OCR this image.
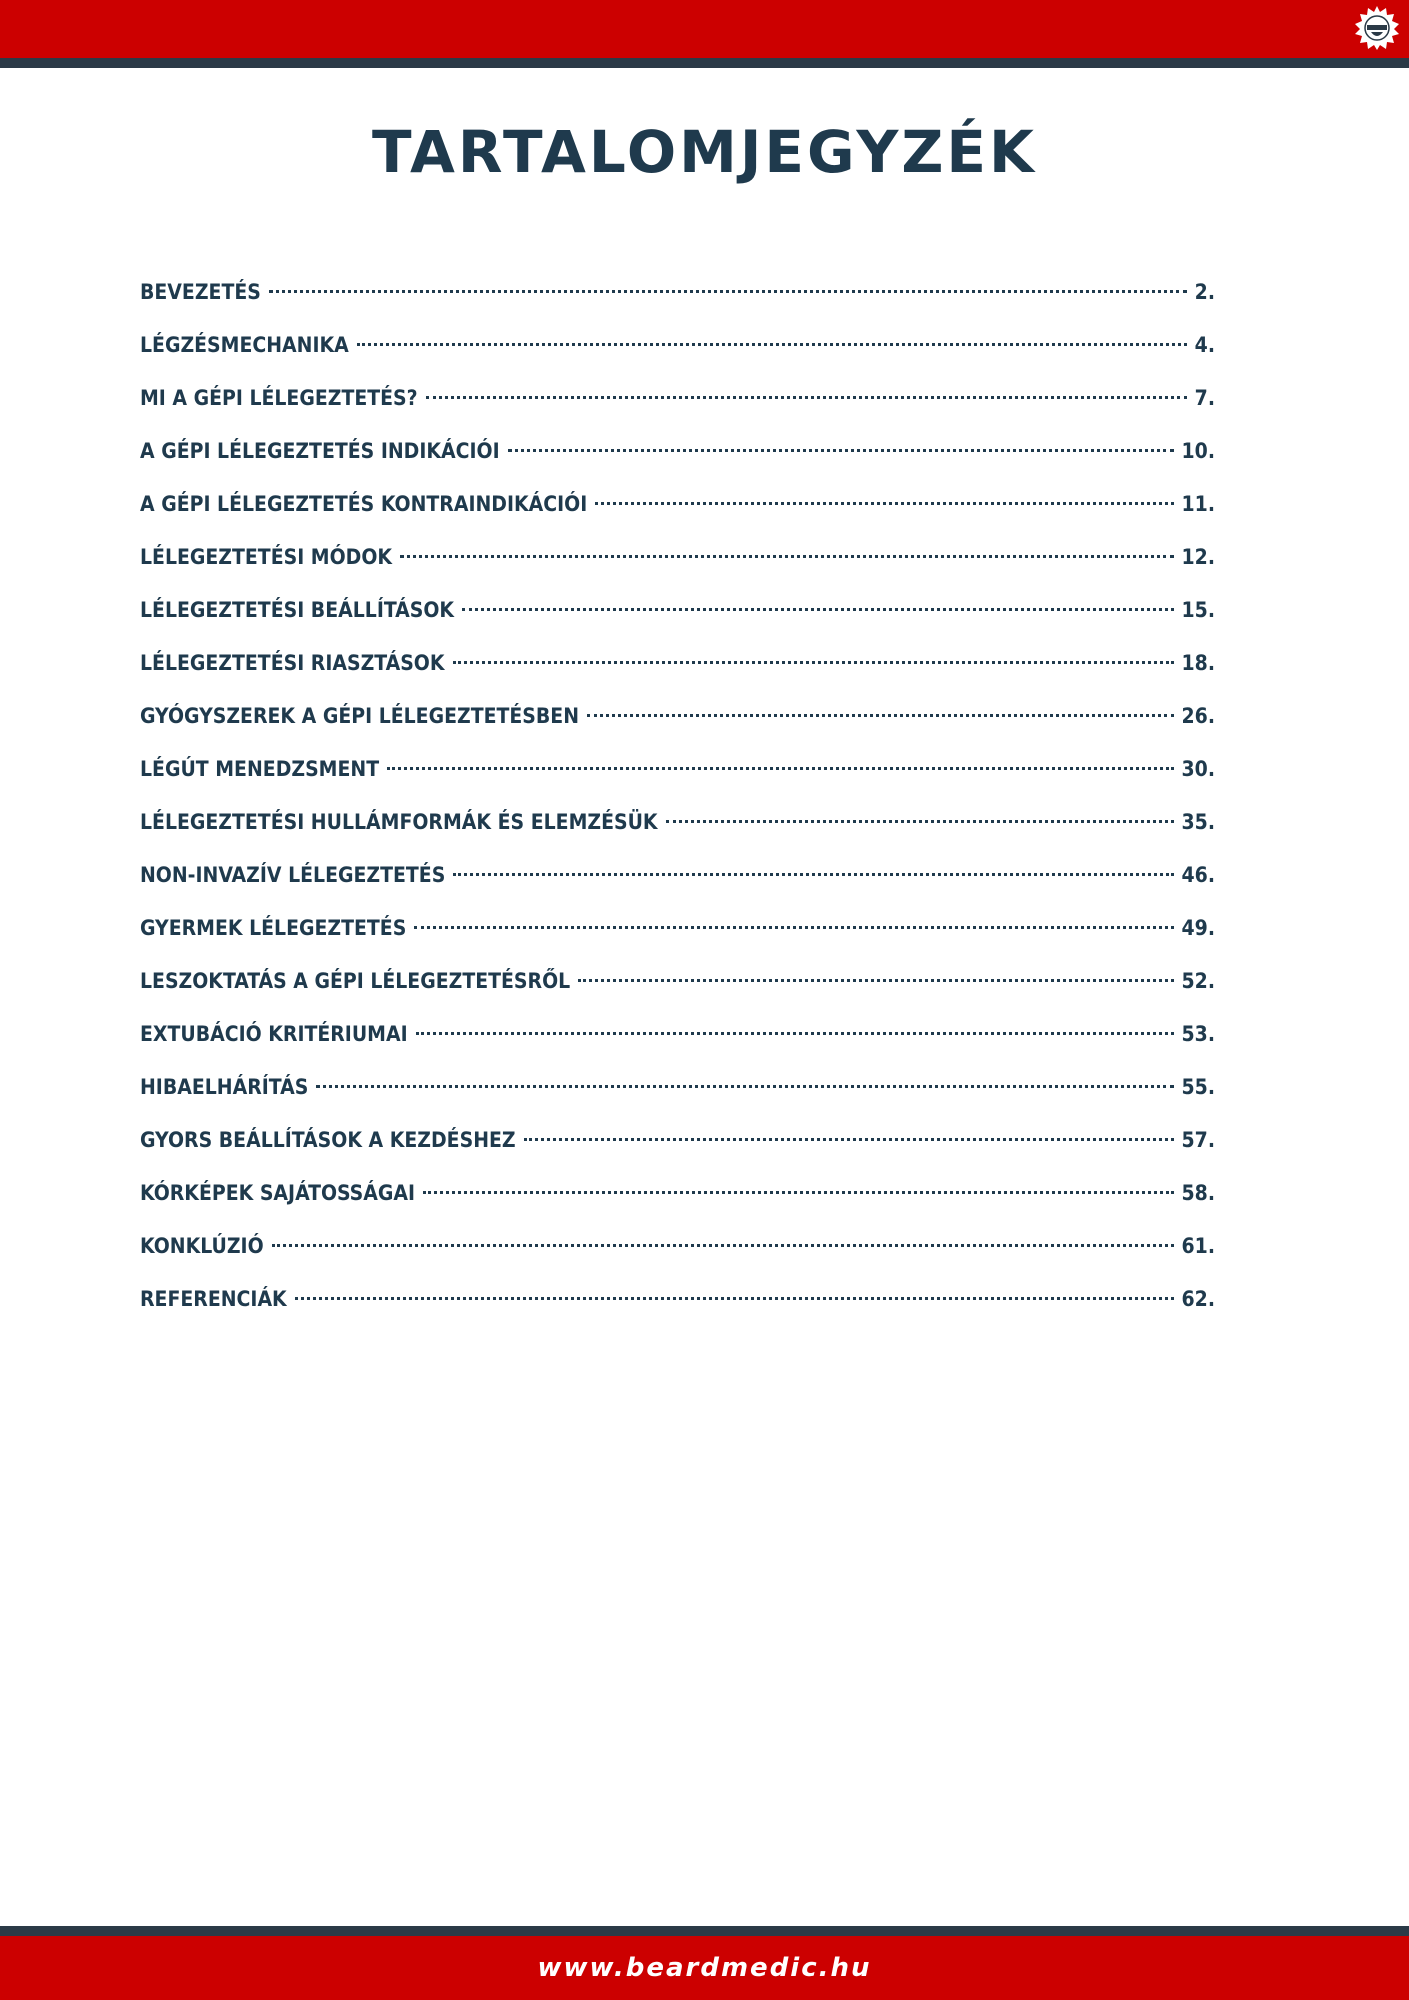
TARTALOMJEGYZÉK
BEVEZETÉS	2.
LÉGZÉSMECHANIKA	4.
MI A GÉPI LÉLEGEZTETÉS?	7.
A GÉPI LÉLEGEZTETÉS INDIKÁCIÓI	10.
A GÉPI LÉLEGEZTETÉS KONTRAINDIKÁCIÓI	11.
LÉLEGEZTETÉSI MÓDOK	12.
LÉLEGEZTETÉSI BEÁLLÍTÁSOK	15.
LÉLEGEZTETÉSI RIASZTÁSOK	18.
GYÓGYSZEREK A GÉPI LÉLEGEZTETÉSBEN	26.
LÉGÚT MENEDZSMENT	30.
LÉLEGEZTETÉSI HULLÁMFORMÁK ÉS ELEMZÉSÜK	35.
NON-INVAZÍV LÉLEGEZTETÉS	46.
GYERMEK LÉLEGEZTETÉS	49.
LESZOKTATÁS A GÉPI LÉLEGEZTETÉSRŐL	52.
EXTUBÁCIÓ KRITÉRIUMAI	53.
HIBAELHÁRÍTÁS	55.
GYORS BEÁLLÍTÁSOK A KEZDÉSHEZ	57.
KÓRKÉPEK SAJÁTOSSÁGAI	58.
KONKLÚZIÓ	61.
REFERENCIÁK	62.
www.beardmedic.hu
